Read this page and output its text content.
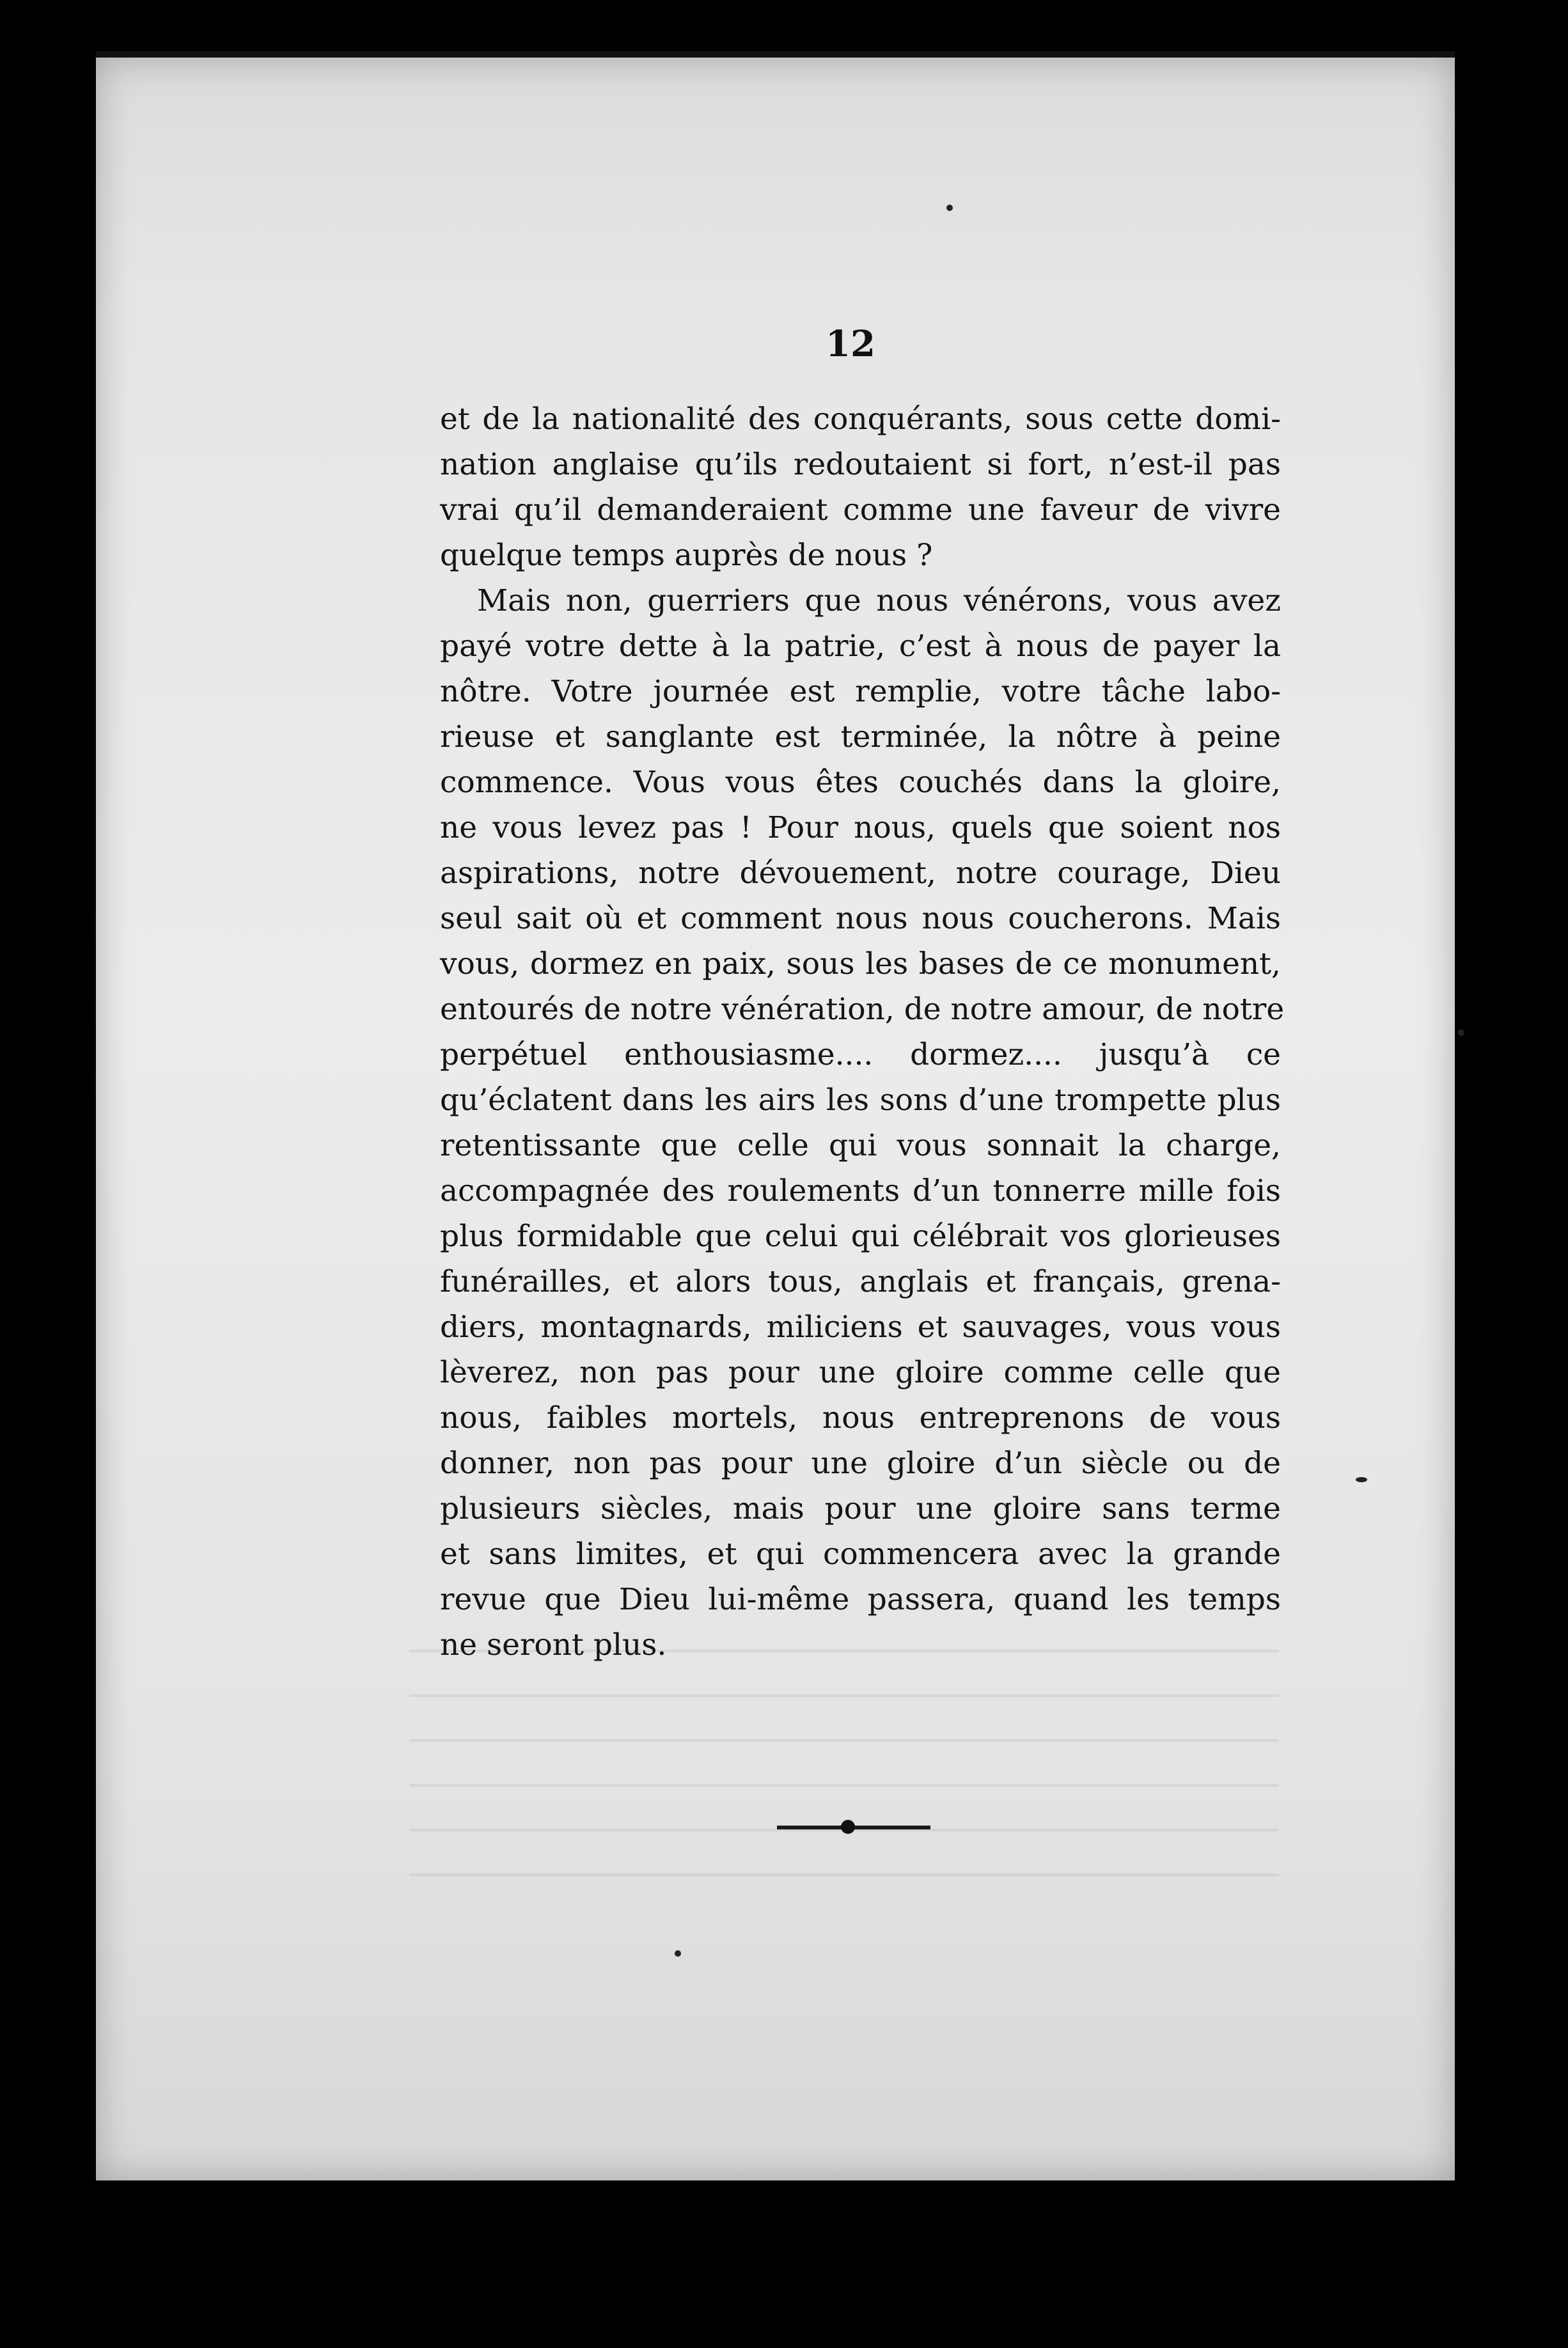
12
et de la nationalité des conquérants, sous cette domi-
nation anglaise qu’ils redoutaient si fort, n’est-il pas
vrai qu’il demanderaient comme une faveur de vivre
quelque temps auprès de nous ?
Mais non, guerriers que nous vénérons, vous avez
payé votre dette à la patrie, c’est à nous de payer la
nôtre. Votre journée est remplie, votre tâche labo-
rieuse et sanglante est terminée, la nôtre à peine
commence. Vous vous êtes couchés dans la gloire,
ne vous levez pas ! Pour nous, quels que soient nos
aspirations, notre dévouement, notre courage, Dieu
seul sait où et comment nous nous coucherons. Mais
vous, dormez en paix, sous les bases de ce monument,
entourés de notre vénération, de notre amour, de notre
perpétuel enthousiasme.... dormez.... jusqu’à ce
qu’éclatent dans les airs les sons d’une trompette plus
retentissante que celle qui vous sonnait la charge,
accompagnée des roulements d’un tonnerre mille fois
plus formidable que celui qui célébrait vos glorieuses
funérailles, et alors tous, anglais et français, grena-
diers, montagnards, miliciens et sauvages, vous vous
lèverez, non pas pour une gloire comme celle que
nous, faibles mortels, nous entreprenons de vous
donner, non pas pour une gloire d’un siècle ou de
plusieurs siècles, mais pour une gloire sans terme
et sans limites, et qui commencera avec la grande
revue que Dieu lui-même passera, quand les temps
ne seront plus.
